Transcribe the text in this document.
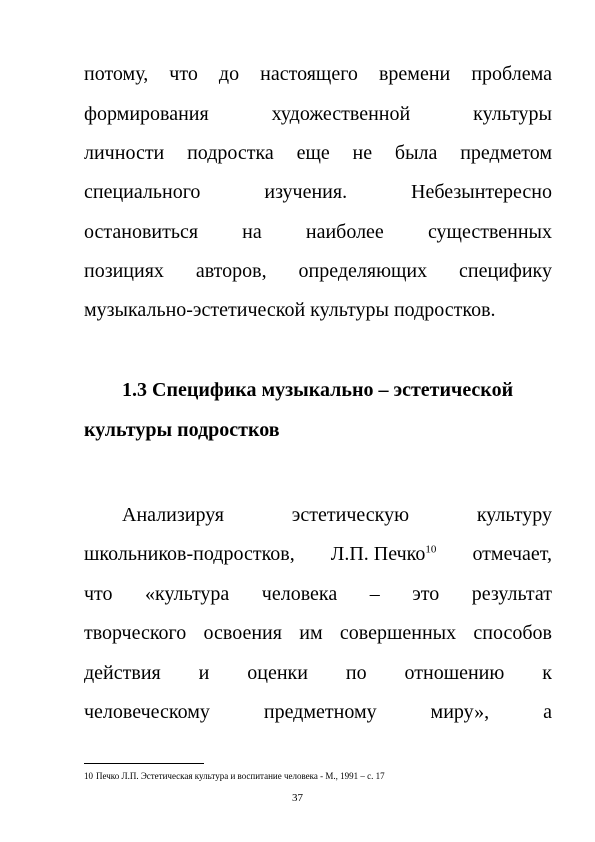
потому, что до настоящего времени проблема
формирования	художественной	культуры
личности подростка еще не была предметом
специального	изучения.	Небезынтересно
остановиться на наиболее существенных
позициях авторов, определяющих специфику
музыкально-эстетической культуры подростков.
1.3 Специфика музыкально – эстетической
культуры подростков
Анализируя	эстетическую	культуру
школьников-подростков, Л.П. Печко$^{10}$ отмечает,
что «культура человека – это результат
творческого освоения им совершенных способов
действия и оценки по отношению к
человеческому	предметному	миру»,	а
10 Печко Л.П. Эстетическая культура и воспитание человека - М., 1991 – с. 17
37
